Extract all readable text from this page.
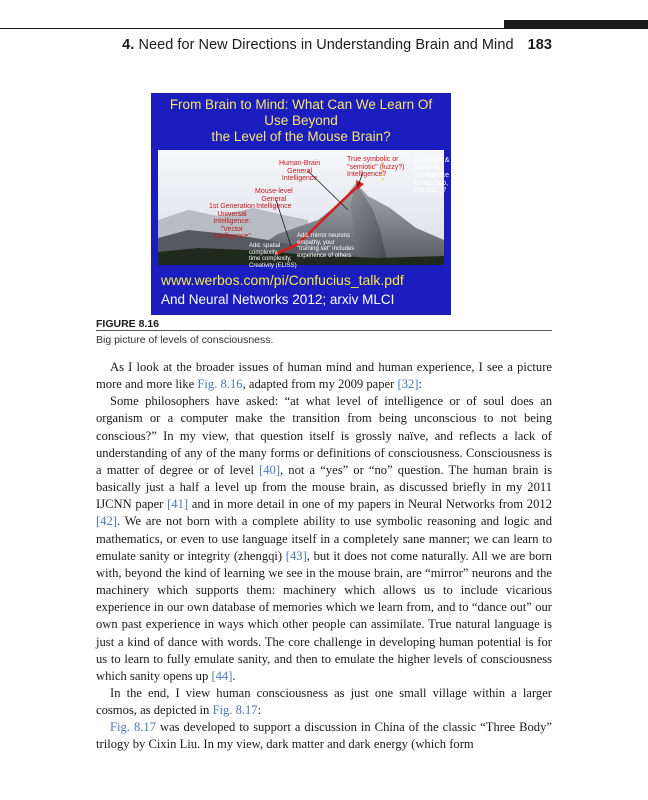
4. Need for New Directions in Understanding Brain and Mind 183
From Brain to Mind: What Can We Learn Of
Use Beyond
the Level of the Mouse Brain?
Human-Brain
General
Intelligence
True symbolic or
"semiotic" (fuzzy?)
Intelligence?
Quantum &
Collective
intelligence
(Jung,Dao,
Atman...)?
Mouse-level
General
Intelligence
1st Generation
Universal
Intelligence:
"Vector
Intelligence"	Add. mirror neurons
empathy, your
"training set" includes
experience of others
Add. spatial
complexity,
time complexity,
Creativity (ELISS)
www.werbos.com/pi/Confucius_talk.pdf
And Neural Networks 2012; arxiv MLCI
FIGURE 8.16
Big picture of levels of consciousness.

As I look at the broader issues of human mind and human experience, I see a picture more and more like Fig. 8.16, adapted from my 2009 paper [32]:

Some philosophers have asked: “at what level of intelligence or of soul does an organism or a computer make the transition from being unconscious to not being conscious?” In my view, that question itself is grossly naïve, and reflects a lack of understanding of any of the many forms or definitions of consciousness. Consciousness is a matter of degree or of level [40], not a “yes” or “no” question. The human brain is basically just a half a level up from the mouse brain, as discussed briefly in my 2011 IJCNN paper [41] and in more detail in one of my papers in Neural Networks from 2012 [42]. We are not born with a complete ability to use symbolic reasoning and logic and mathematics, or even to use language itself in a completely sane manner; we can learn to emulate sanity or integrity (zhengqi) [43], but it does not come naturally. All we are born with, beyond the kind of learning we see in the mouse brain, are “mirror” neurons and the machinery which supports them: machinery which allows us to include vicarious experience in our own database of memories which we learn from, and to “dance out” our own past experience in ways which other people can assimilate. True natural language is just a kind of dance with words. The core challenge in developing human potential is for us to learn to fully emulate sanity, and then to emulate the higher levels of consciousness which sanity opens up [44].

In the end, I view human consciousness as just one small village within a larger cosmos, as depicted in Fig. 8.17:

Fig. 8.17 was developed to support a discussion in China of the classic “Three Body” trilogy by Cixin Liu. In my view, dark matter and dark energy (which form
